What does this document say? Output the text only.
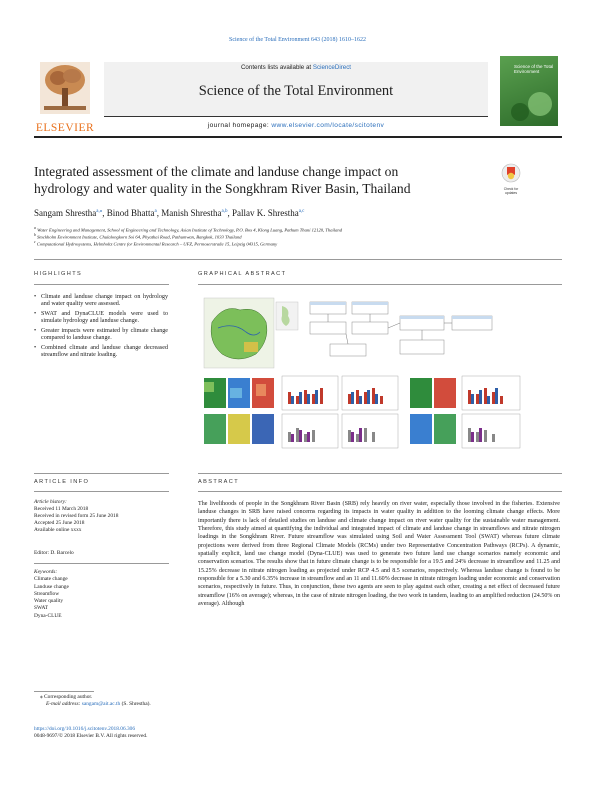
Science of the Total Environment 643 (2018) 1610–1622
ELSEVIER
Contents lists available at ScienceDirect
Science of the Total Environment
journal homepage: www.elsevier.com/locate/scitotenv
Science of the Total Environment
Integrated assessment of the climate and landuse change impact on
hydrology and water quality in the Songkhram River Basin, Thailand	Check for
updates
Sangam Shrestha$^{a,⁎}$, Binod Bhatta$^a$, Manish Shrestha$^{a,b}$, Pallav K. Shrestha$^{a,c}$
$^a$ Water Engineering and Management, School of Engineering and Technology, Asian Institute of Technology, P.O. Box 4, Klong Luang, Pathum Thani 12120, Thailand
$^b$ Stockholm Environment Institute, Chulalongkorn Soi 64, Phyathai Road, Pathumwan, Bangkok, 1033 Thailand
$^c$ Computational Hydrosystems, Helmholtz Centre for Environmental Research – UFZ, Permoserstraße 15, Leipzig 04315, Germany
HIGHLIGHTS
• Climate and landuse change impact on hydrology and water quality were assessed.
• SWAT and DynaCLUE models were used to simulate hydrology and landuse change.
• Greater impacts were estimated by climate change compared to landuse change.
• Combined climate and landuse change decreased streamflow and nitrate loading.
GRAPHICAL ABSTRACT
ARTICLE INFO
Article history:
Received 11 March 2018
Received in revised form 25 June 2018
Accepted 25 June 2018
Available online xxxx
Editor: D. Barcelo
Keywords:
Climate change
Landuse change
Streamflow
Water quality
SWAT
Dyna-CLUE
ABSTRACT
The livelihoods of people in the Songkhram River Basin (SRB) rely heavily on river water, especially those involved in the fisheries. Extensive landuse changes in SRB have raised concerns regarding its impacts in water quality in addition to the looming climate change effects. More importantly there is lack of detailed studies on landuse and climate change impact on river water quality for the sustainable water management. Therefore, this study aimed at quantifying the individual and integrated impact of climate and landuse change in streamflows and nitrate nitrogen loadings in the Songkhram River. Future streamflow was simulated using Soil and Water Assessment Tool (SWAT) whereas future climate projections were derived from three Regional Climate Models (RCMs) under two Representative Concentration Pathways (RCPs). A dynamic, spatially explicit, land use change model (Dyna-CLUE) was used to generate two future land use change scenarios namely economic and conservation scenarios. The results show that in future climate change is to be responsible for a 19.5 and 24% decrease in streamflow and 11.25 and 15.25% decrease in nitrate nitrogen loading as projected under RCP 4.5 and 8.5 scenarios, respectively. Whereas landuse change is found to be responsible for a 5.30 and 6.35% increase in streamflow and an 11 and 11.60% decrease in nitrate nitrogen loading under economic and conservation scenarios, respectively in future. Thus, in conjunction, these two agents are seen to play against each other, creating a net effect of decreased future streamflow (16% on average); whereas, in the case of nitrate nitrogen loading, the two work in tandem, leading to an amplified reduction (24.50% on average). Although
⁎ Corresponding author.
E-mail address: sangam@ait.ac.th (S. Shrestha).
https://doi.org/10.1016/j.scitotenv.2018.06.306
0048-9697/© 2018 Elsevier B.V. All rights reserved.
